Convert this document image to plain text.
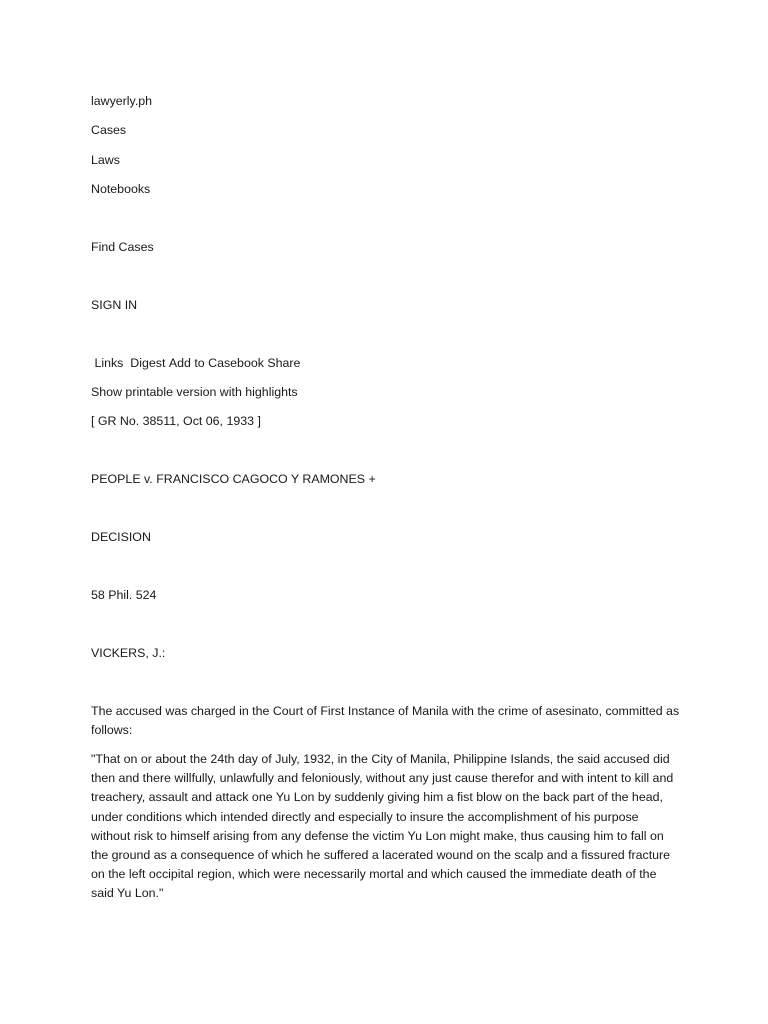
lawyerly.ph
Cases
Laws
Notebooks
Find Cases
SIGN IN
Links Digest Add to Casebook Share
Show printable version with highlights
[ GR No. 38511, Oct 06, 1933 ]
PEOPLE v. FRANCISCO CAGOCO Y RAMONES +
DECISION
58 Phil. 524
VICKERS, J.:
The accused was charged in the Court of First Instance of Manila with the crime of asesinato, committed as follows:
"That on or about the 24th day of July, 1932, in the City of Manila, Philippine Islands, the said accused did then and there willfully, unlawfully and feloniously, without any just cause therefor and with intent to kill and treachery, assault and attack one Yu Lon by suddenly giving him a fist blow on the back part of the head, under conditions which intended directly and especially to insure the accomplishment of his purpose without risk to himself arising from any defense the victim Yu Lon might make, thus causing him to fall on the ground as a consequence of which he suffered a lacerated wound on the scalp and a fissured fracture on the left occipital region, which were necessarily mortal and which caused the immediate death of the said Yu Lon."
